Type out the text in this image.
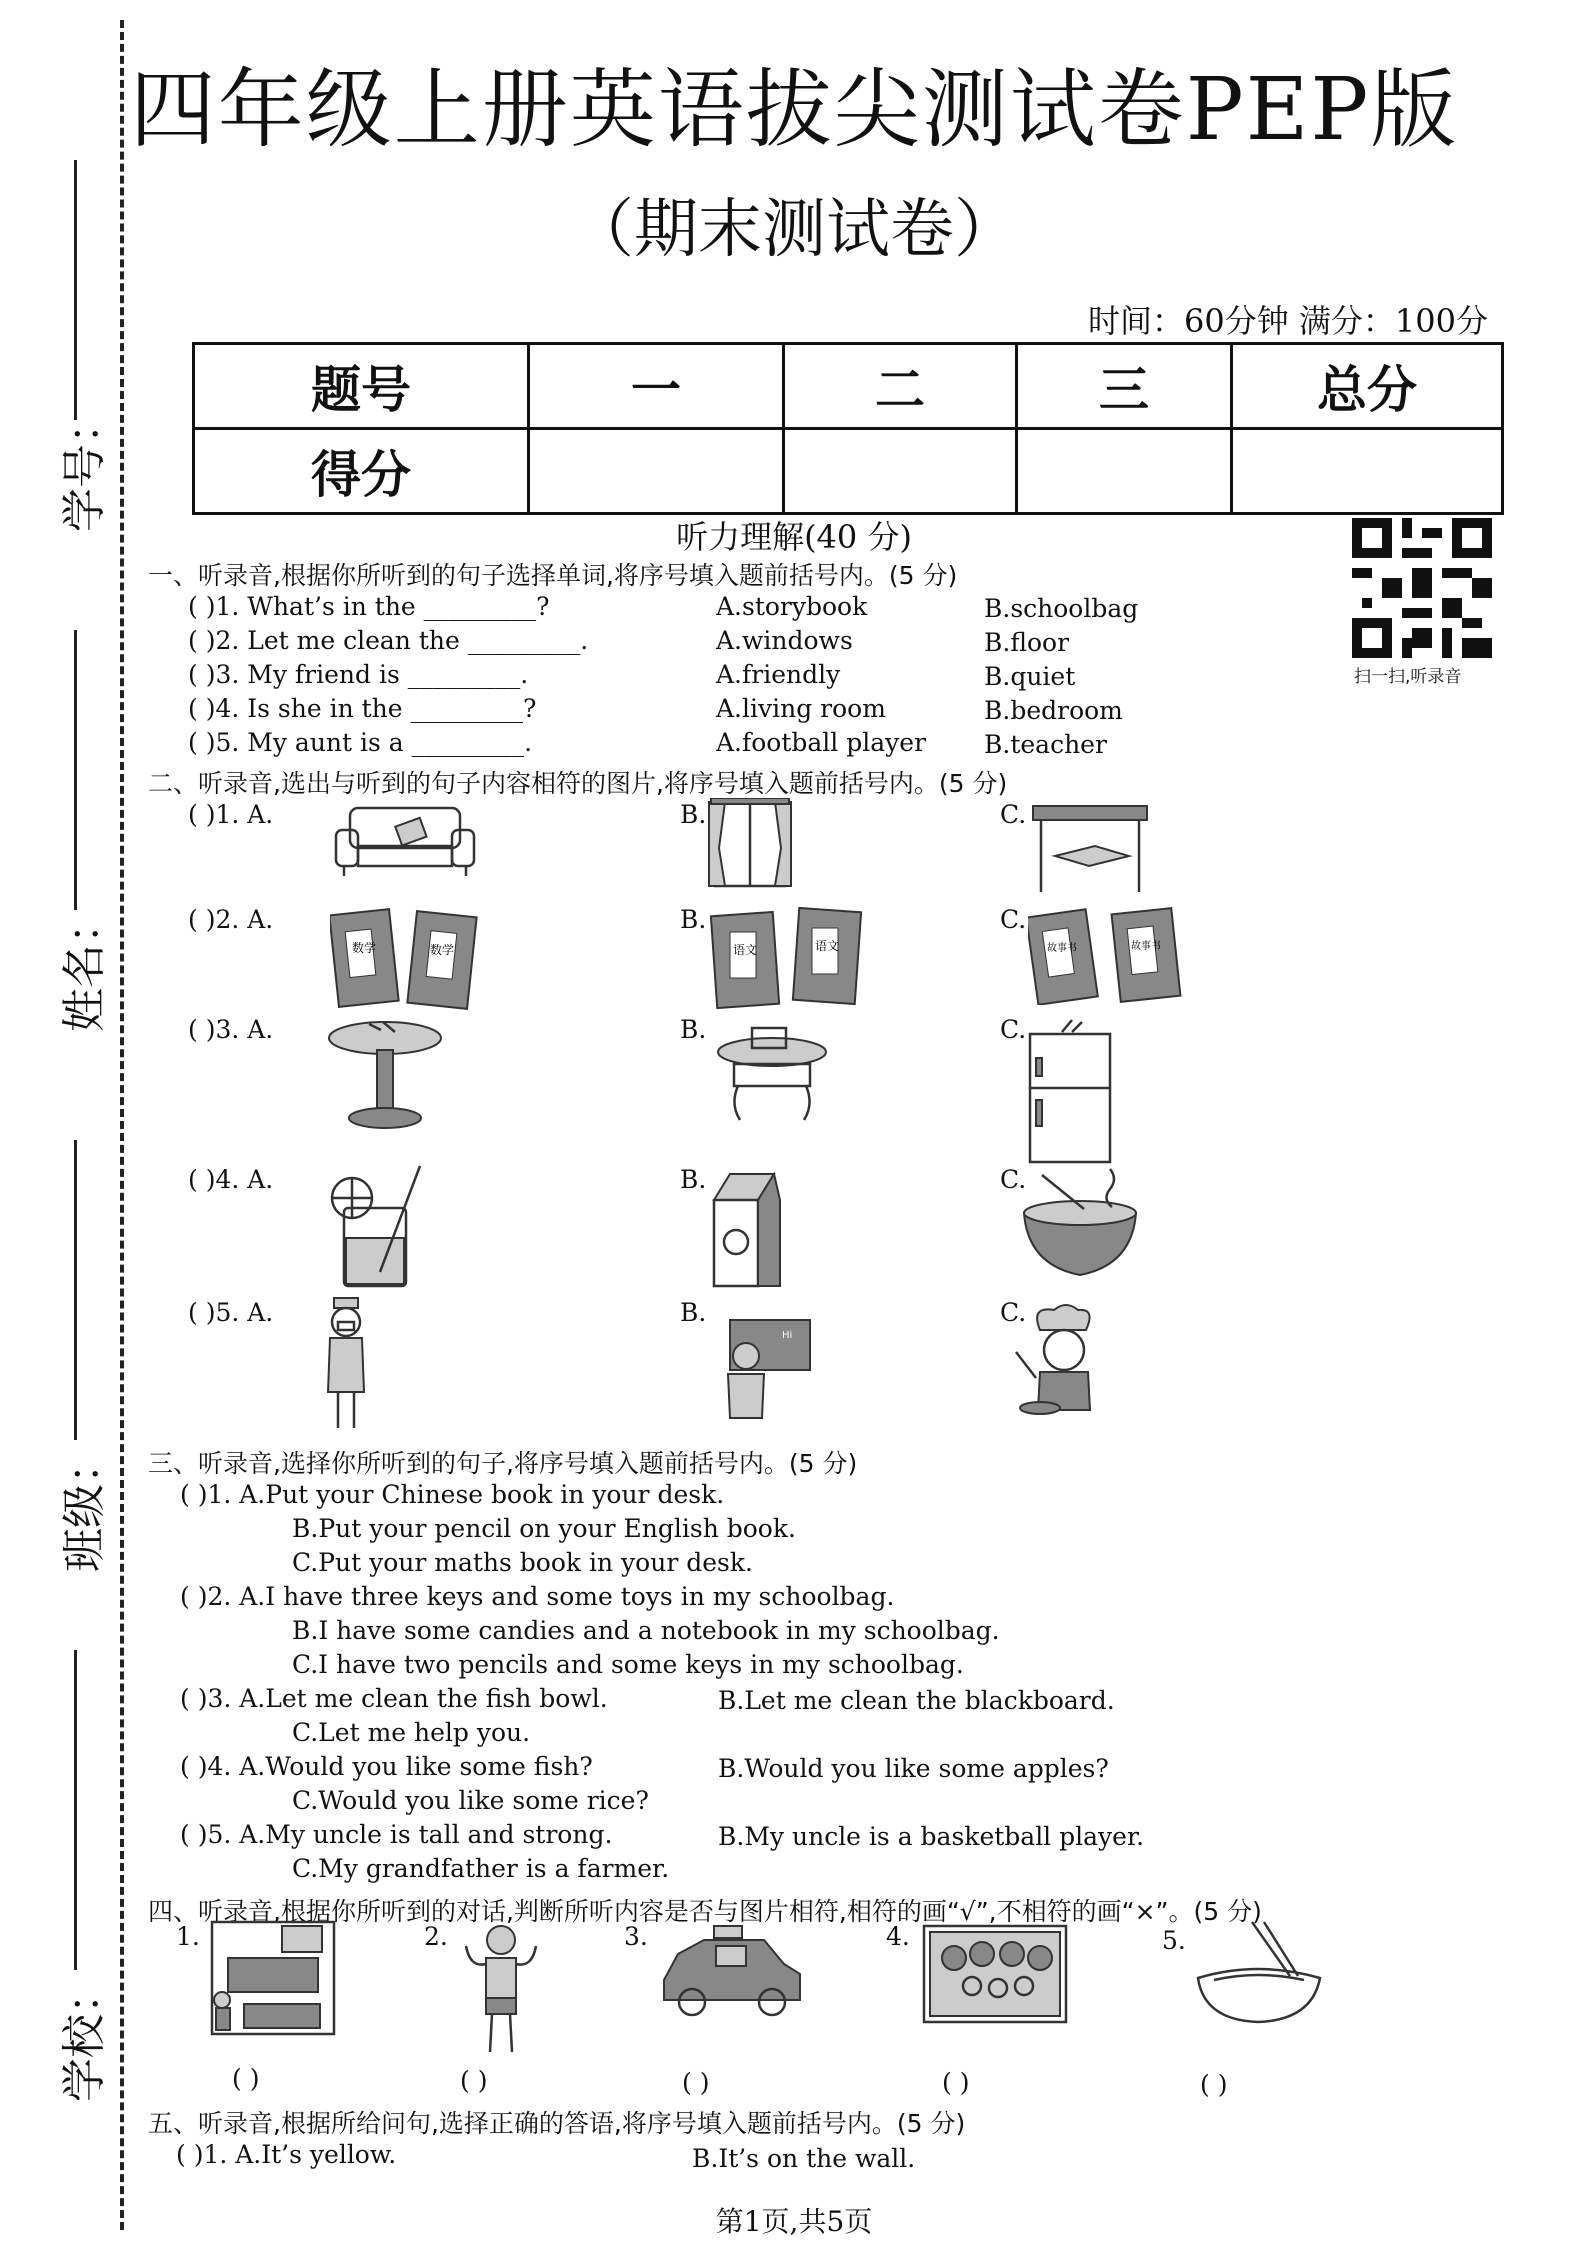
学号：
姓名：
班级：
学校：
四年级上册英语拔尖测试卷PEP版
（期末测试卷）
时间：60分钟 满分：100分
题号	一	二	三	总分
得分				
听力理解(40 分)
扫一扫,听录音
一、听录音,根据你所听到的句子选择单词,将序号填入题前括号内。(5 分)
( )1. What’s in the _________?	A.storybook	B.schoolbag
( )2. Let me clean the _________.	A.windows	B.floor
( )3. My friend is _________.	A.friendly	B.quiet
( )4. Is she in the _________?	A.living room	B.bedroom
( )5. My aunt is a _________.	A.football player B.teacher
二、听录音,选出与听到的句子内容相符的图片,将序号填入题前括号内。(5 分)
( )1. A.	B.	C.
( )2. A.	B.	C.
数学	数学	语文	语文	故事书	故事书
( )3. A.	B.	C.
( )4. A.	B.	C.
( )5. A.	B.	C.
Hi
三、听录音,选择你所听到的句子,将序号填入题前括号内。(5 分)
( )1. A.Put your Chinese book in your desk.
B.Put your pencil on your English book.
C.Put your maths book in your desk.
( )2. A.I have three keys and some toys in my schoolbag.
B.I have some candies and a notebook in my schoolbag.
C.I have two pencils and some keys in my schoolbag.
( )3. A.Let me clean the fish bowl.	B.Let me clean the blackboard.
C.Let me help you.
( )4. A.Would you like some fish?	B.Would you like some apples?
C.Would you like some rice?
( )5. A.My uncle is tall and strong.	B.My uncle is a basketball player.
C.My grandfather is a farmer.
四、听录音,根据你所听到的对话,判断所听内容是否与图片相符,相符的画“√”,不相符的画“×”。(5 分)
1.	2.	3.	4.	5.
( )	( )	( )	( )	( )
五、听录音,根据所给问句,选择正确的答语,将序号填入题前括号内。(5 分)
( )1. A.It’s yellow.	B.It’s on the wall.
第1页,共5页
